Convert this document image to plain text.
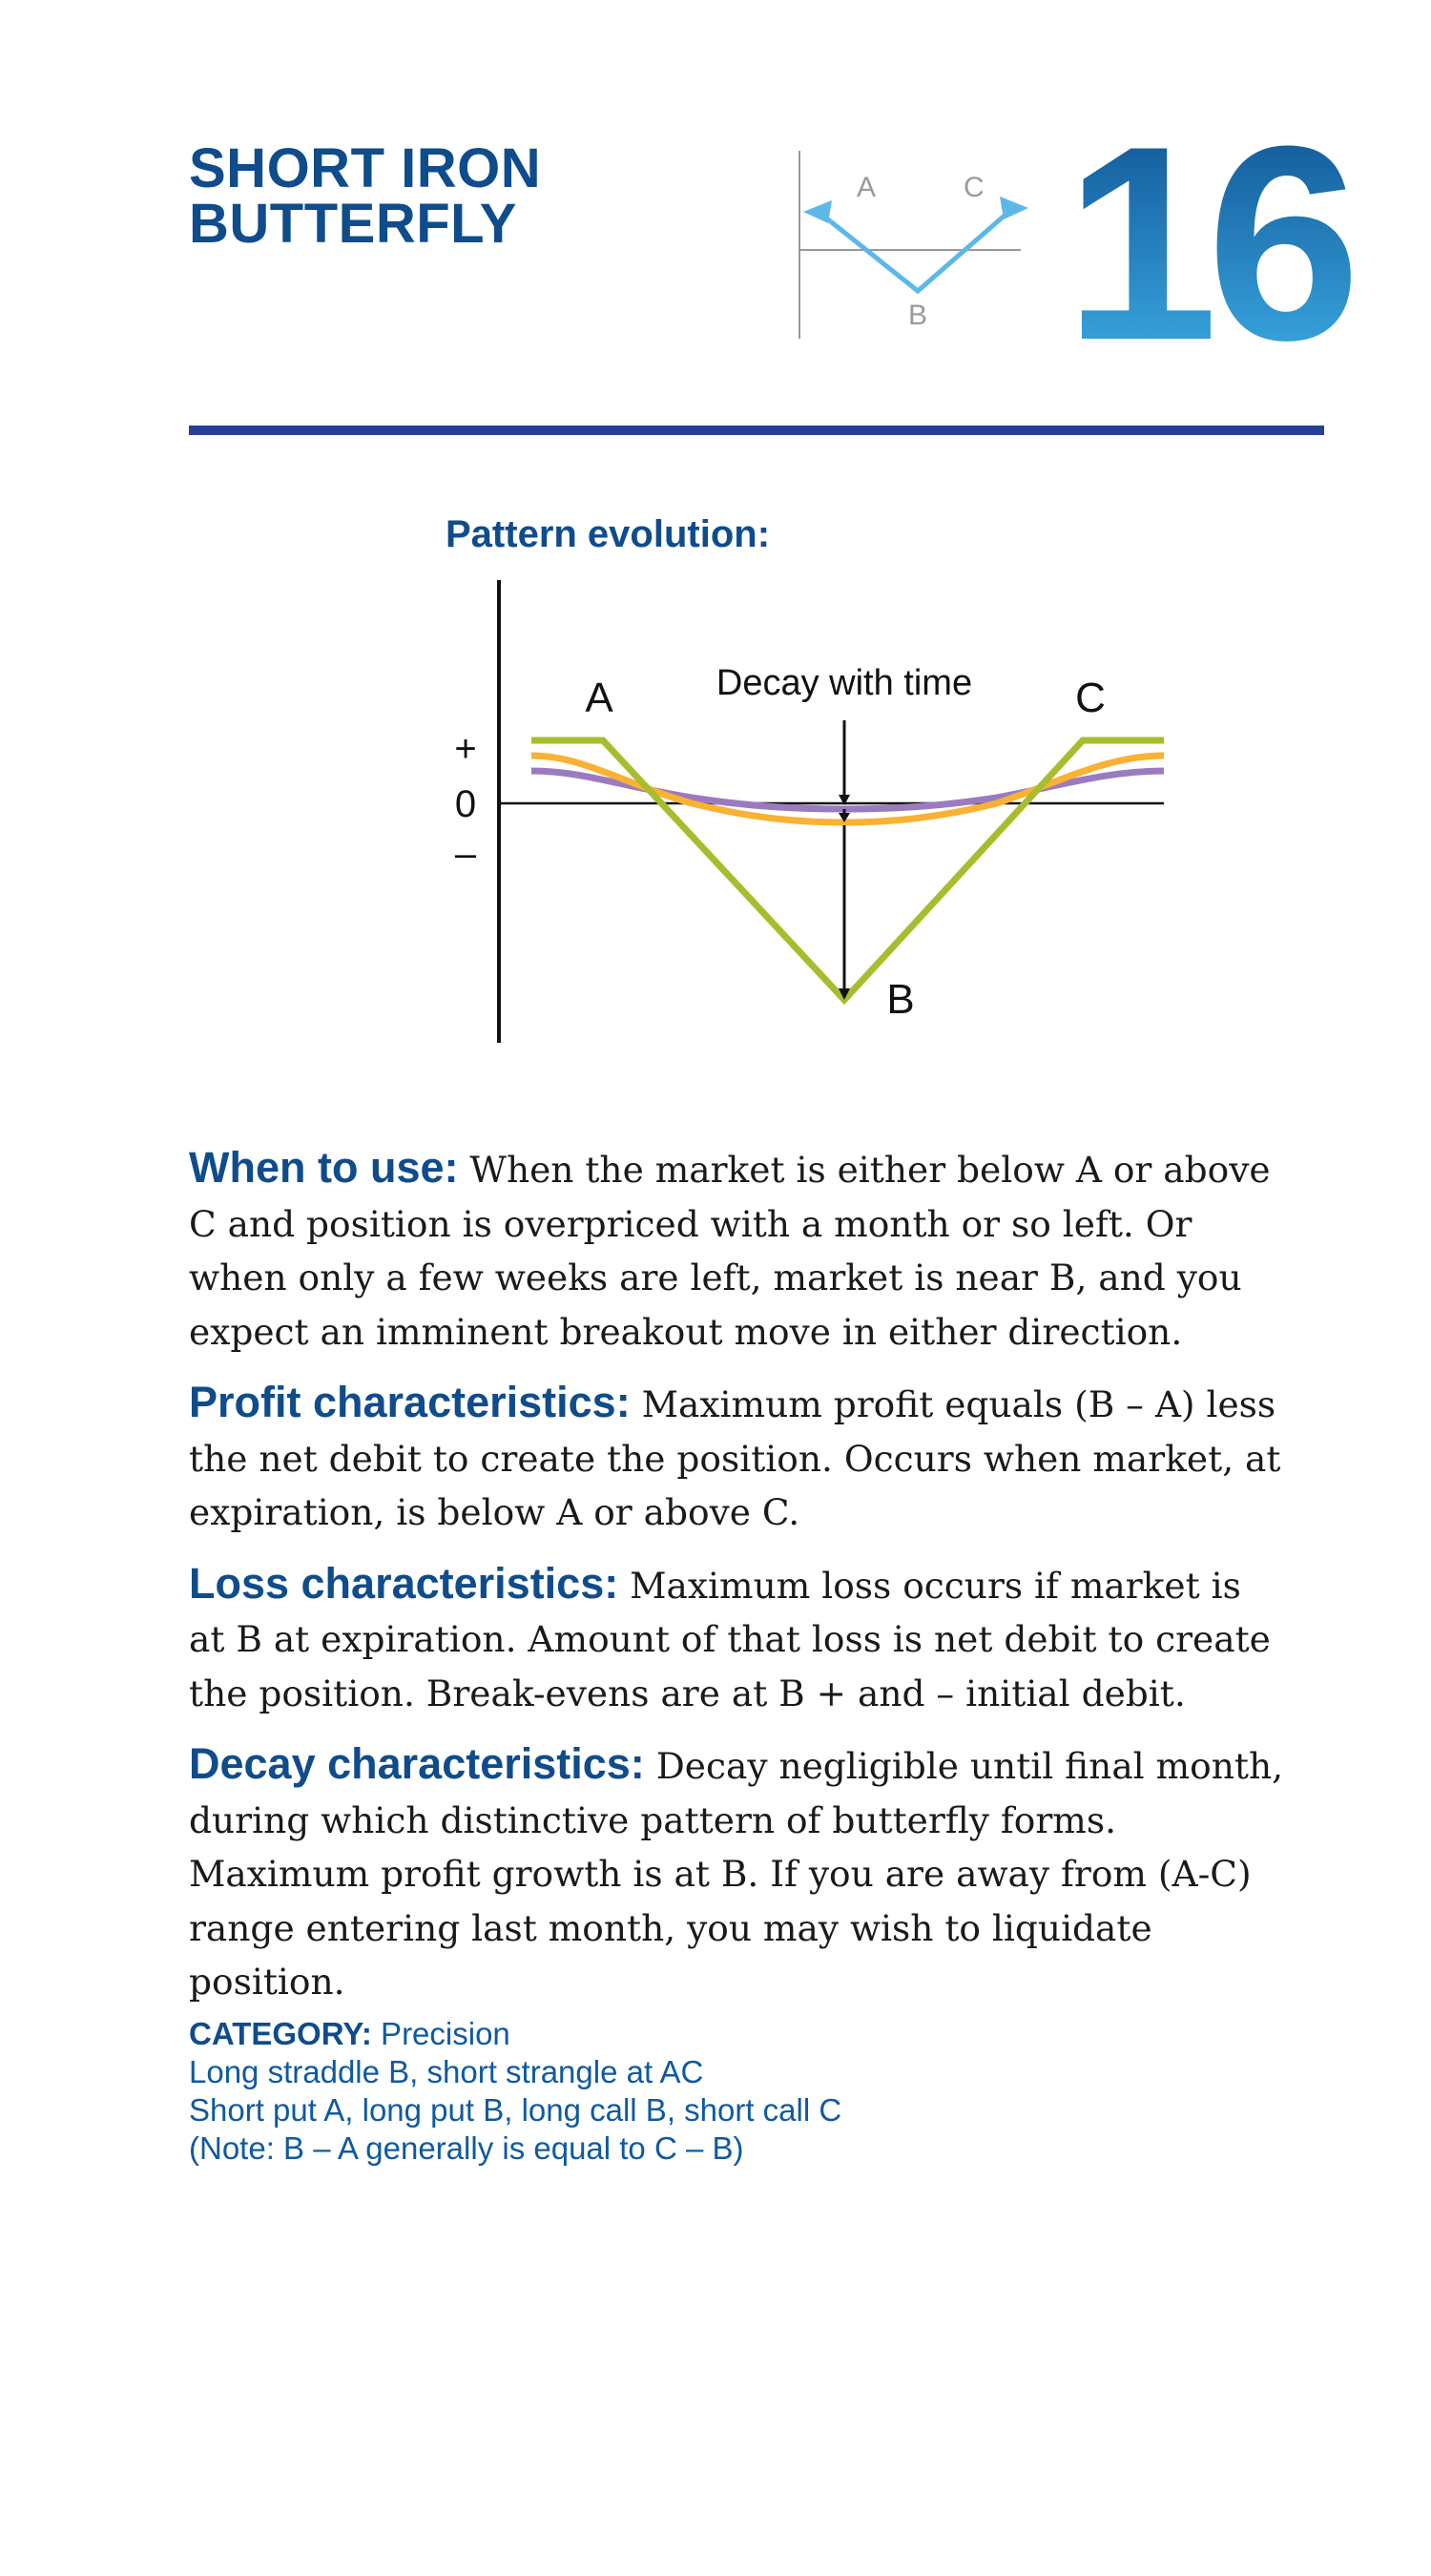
SHORT IRON
BUTTERFLY
A	C
B 16
Pattern evolution:
+
0
–
Decay with time
A	C
B

When to use: When the market is either below A or above C and position is overpriced with a month or so left. Or when only a few weeks are left, market is near B, and you expect an imminent breakout move in either direction.

Profit characteristics: Maximum profit equals (B – A) less the net debit to create the position. Occurs when market, at expiration, is below A or above C.

Loss characteristics: Maximum loss occurs if market is at B at expiration. Amount of that loss is net debit to create the position. Break-evens are at B + and – initial debit.

Decay characteristics: Decay negligible until final month, during which distinctive pattern of butterfly forms. Maximum profit growth is at B. If you are away from (A-C) range entering last month, you may wish to liquidate position.

CATEGORY: Precision
Long straddle B, short strangle at AC
Short put A, long put B, long call B, short call C
(Note: B – A generally is equal to C – B)
